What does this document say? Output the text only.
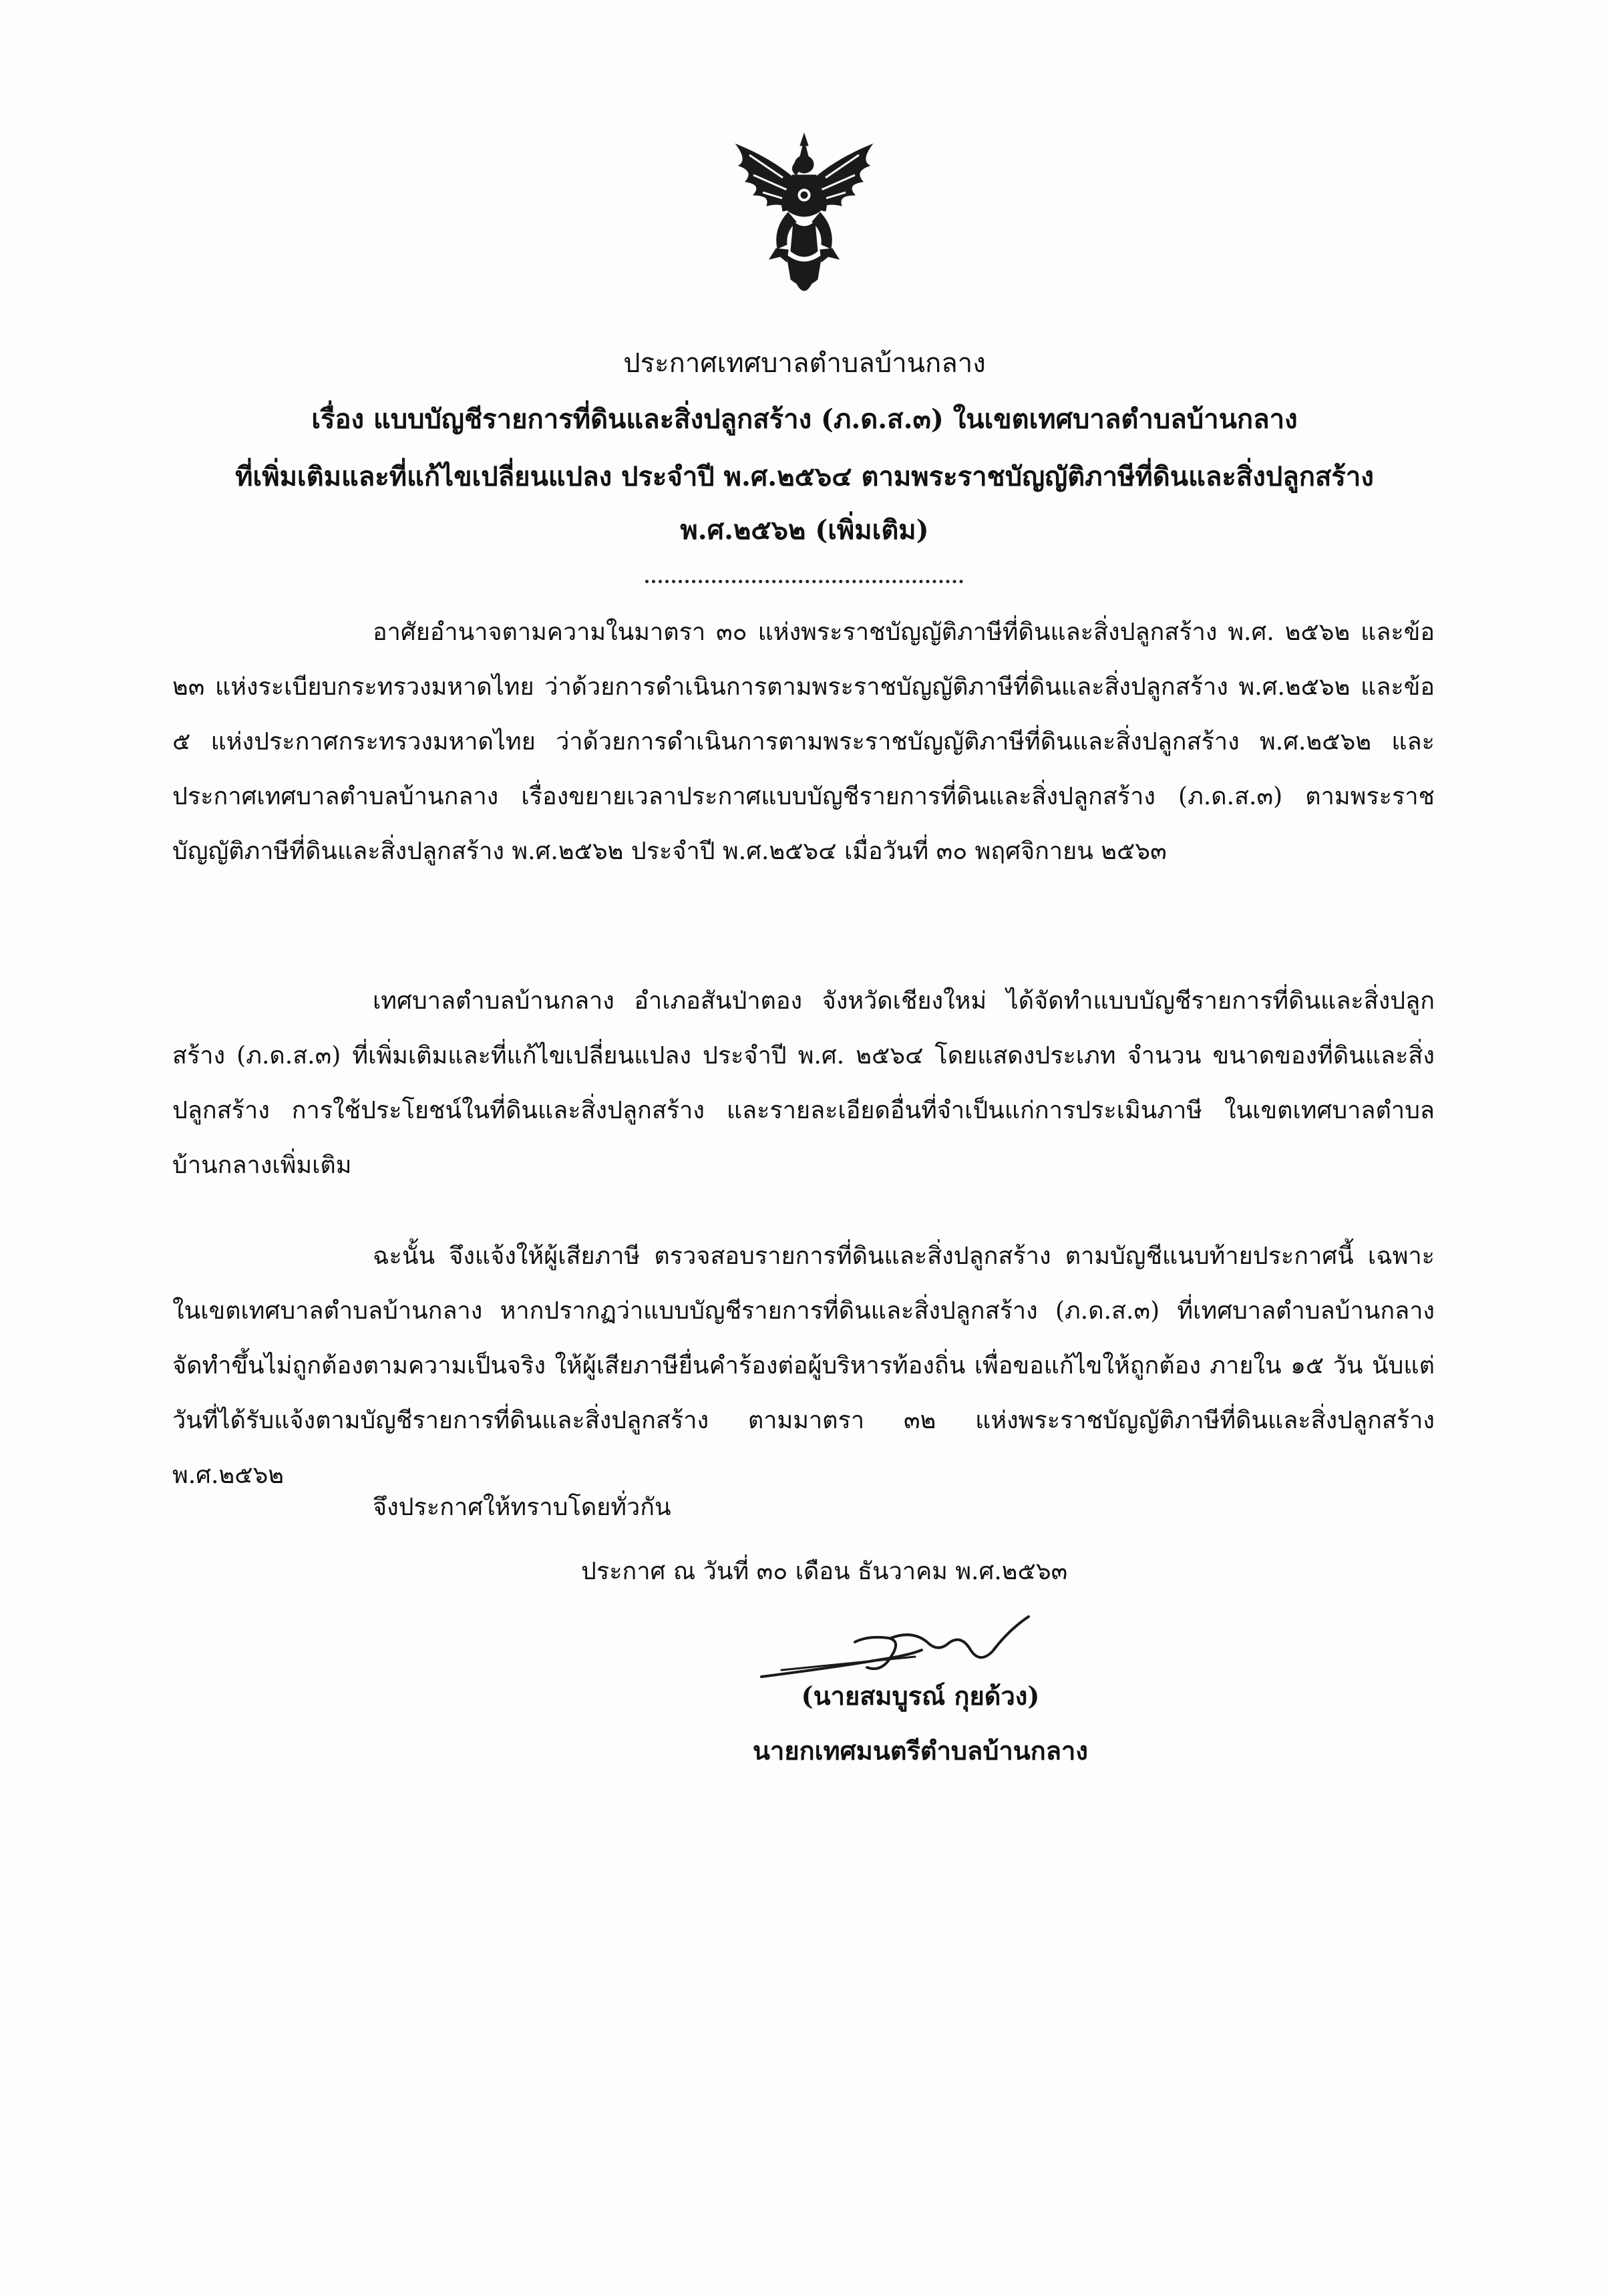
ประกาศเทศบาลตำบลบ้านกลาง
เรื่อง แบบบัญชีรายการที่ดินและสิ่งปลูกสร้าง (ภ.ด.ส.๓) ในเขตเทศบาลตำบลบ้านกลาง
ที่เพิ่มเติมและที่แก้ไขเปลี่ยนแปลง ประจำปี พ.ศ.๒๕๖๔ ตามพระราชบัญญัติภาษีที่ดินและสิ่งปลูกสร้าง
พ.ศ.๒๕๖๒ (เพิ่มเติม)

อาศัยอำนาจตามความในมาตรา ๓๐ แห่งพระราชบัญญัติภาษีที่ดินและสิ่งปลูกสร้าง พ.ศ. ๒๕๖๒ และข้อ ๒๓ แห่งระเบียบกระทรวงมหาดไทย ว่าด้วยการดำเนินการตามพระราชบัญญัติภาษีที่ดินและสิ่งปลูกสร้าง พ.ศ.๒๕๖๒ และข้อ ๕ แห่งประกาศกระทรวงมหาดไทย ว่าด้วยการดำเนินการตามพระราชบัญญัติภาษีที่ดินและสิ่งปลูกสร้าง พ.ศ.๒๕๖๒ และประกาศเทศบาลตำบลบ้านกลาง เรื่องขยายเวลาประกาศแบบบัญชีรายการที่ดินและสิ่งปลูกสร้าง (ภ.ด.ส.๓) ตามพระราชบัญญัติภาษีที่ดินและสิ่งปลูกสร้าง พ.ศ.๒๕๖๒ ประจำปี พ.ศ.๒๕๖๔ เมื่อวันที่ ๓๐ พฤศจิกายน ๒๕๖๓

เทศบาลตำบลบ้านกลาง อำเภอสันป่าตอง จังหวัดเชียงใหม่ ได้จัดทำแบบบัญชีรายการที่ดินและสิ่งปลูกสร้าง (ภ.ด.ส.๓) ที่เพิ่มเติมและที่แก้ไขเปลี่ยนแปลง ประจำปี พ.ศ. ๒๕๖๔ โดยแสดงประเภท จำนวน ขนาดของที่ดินและสิ่งปลูกสร้าง การใช้ประโยชน์ในที่ดินและสิ่งปลูกสร้าง และรายละเอียดอื่นที่จำเป็นแก่การประเมินภาษี ในเขตเทศบาลตำบลบ้านกลางเพิ่มเติม

ฉะนั้น จึงแจ้งให้ผู้เสียภาษี ตรวจสอบรายการที่ดินและสิ่งปลูกสร้าง ตามบัญชีแนบท้ายประกาศนี้ เฉพาะในเขตเทศบาลตำบลบ้านกลาง หากปรากฏว่าแบบบัญชีรายการที่ดินและสิ่งปลูกสร้าง (ภ.ด.ส.๓) ที่เทศบาลตำบลบ้านกลาง จัดทำขึ้นไม่ถูกต้องตามความเป็นจริง ให้ผู้เสียภาษียื่นคำร้องต่อผู้บริหารท้องถิ่น เพื่อขอแก้ไขให้ถูกต้อง ภายใน ๑๕ วัน นับแต่วันที่ได้รับแจ้งตามบัญชีรายการที่ดินและสิ่งปลูกสร้าง ตามมาตรา ๓๒ แห่งพระราชบัญญัติภาษีที่ดินและสิ่งปลูกสร้าง พ.ศ.๒๕๖๒

จึงประกาศให้ทราบโดยทั่วกัน
ประกาศ ณ วันที่ ๓๐ เดือน ธันวาคม พ.ศ.๒๕๖๓
(นายสมบูรณ์ กุยด้วง)
นายกเทศมนตรีตำบลบ้านกลาง
